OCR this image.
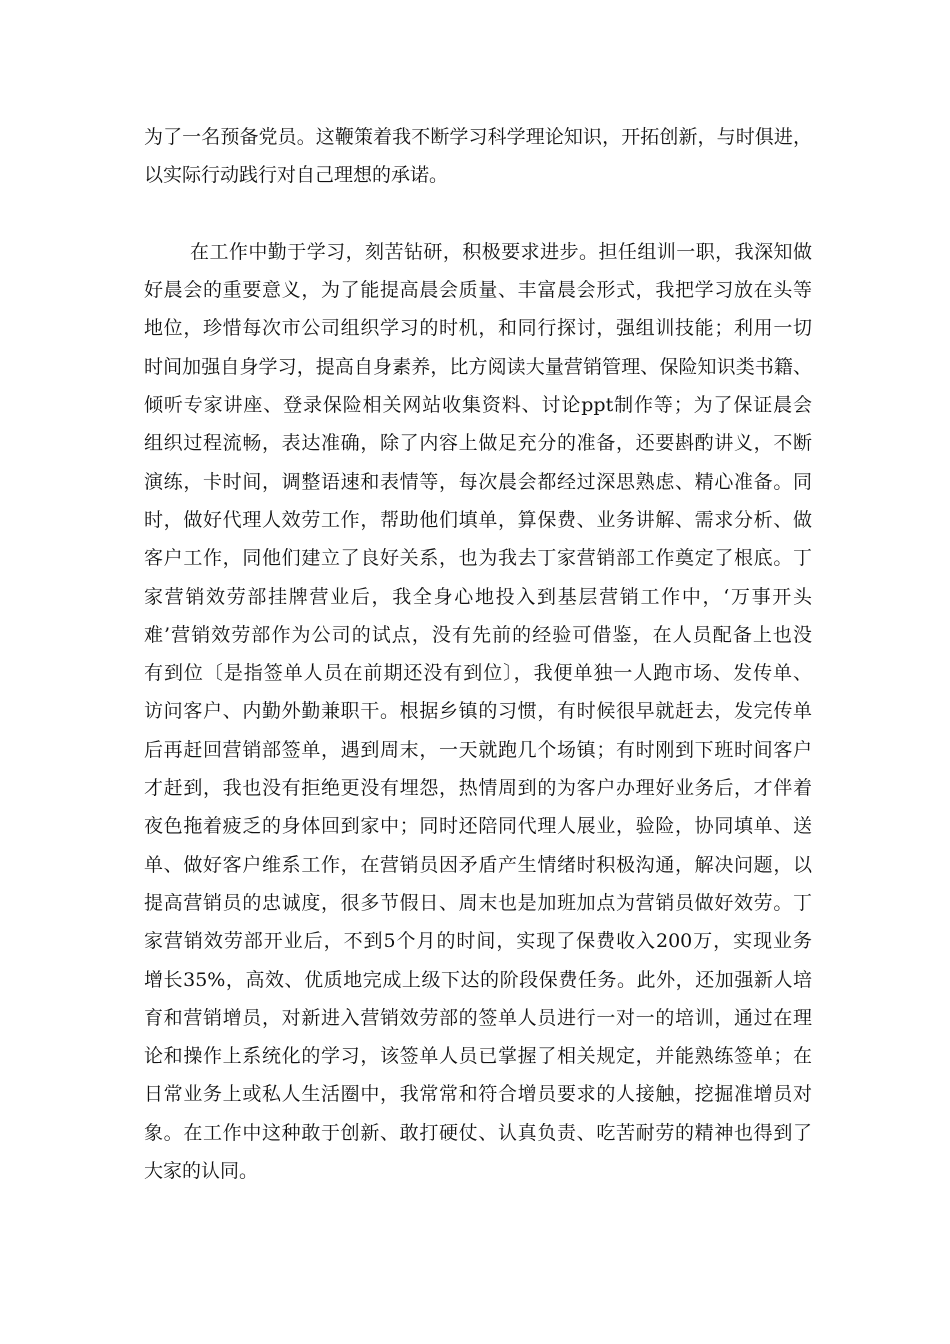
为了一名预备党员。这鞭策着我不断学习科学理论知识，开拓创新，与时俱进，
以实际行动践行对自己理想的承诺。
在工作中勤于学习，刻苦钻研，积极要求进步。担任组训一职，我深知做
好晨会的重要意义，为了能提高晨会质量、丰富晨会形式，我把学习放在头等
地位，珍惜每次市公司组织学习的时机，和同行探讨，强组训技能；利用一切
时间加强自身学习，提高自身素养，比方阅读大量营销管理、保险知识类书籍、
倾听专家讲座、登录保险相关网站收集资料、讨论ppt制作等；为了保证晨会
组织过程流畅，表达准确，除了内容上做足充分的准备，还要斟酌讲义，不断
演练，卡时间，调整语速和表情等，每次晨会都经过深思熟虑、精心准备。同
时，做好代理人效劳工作，帮助他们填单，算保费、业务讲解、需求分析、做
客户工作，同他们建立了良好关系，也为我去丁家营销部工作奠定了根底。丁
家营销效劳部挂牌营业后，我全身心地投入到基层营销工作中，‘万事开头
难’营销效劳部作为公司的试点，没有先前的经验可借鉴，在人员配备上也没
有到位〔是指签单人员在前期还没有到位〕，我便单独一人跑市场、发传单、
访问客户、内勤外勤兼职干。根据乡镇的习惯，有时候很早就赶去，发完传单
后再赶回营销部签单，遇到周末，一天就跑几个场镇；有时刚到下班时间客户
才赶到，我也没有拒绝更没有埋怨，热情周到的为客户办理好业务后，才伴着
夜色拖着疲乏的身体回到家中；同时还陪同代理人展业，验险，协同填单、送
单、做好客户维系工作，在营销员因矛盾产生情绪时积极沟通，解决问题，以
提高营销员的忠诚度，很多节假日、周末也是加班加点为营销员做好效劳。丁
家营销效劳部开业后，不到5个月的时间，实现了保费收入200万，实现业务
增长35%，高效、优质地完成上级下达的阶段保费任务。此外，还加强新人培
育和营销增员，对新进入营销效劳部的签单人员进行一对一的培训，通过在理
论和操作上系统化的学习，该签单人员已掌握了相关规定，并能熟练签单；在
日常业务上或私人生活圈中，我常常和符合增员要求的人接触，挖掘准增员对
象。在工作中这种敢于创新、敢打硬仗、认真负责、吃苦耐劳的精神也得到了
大家的认同。
